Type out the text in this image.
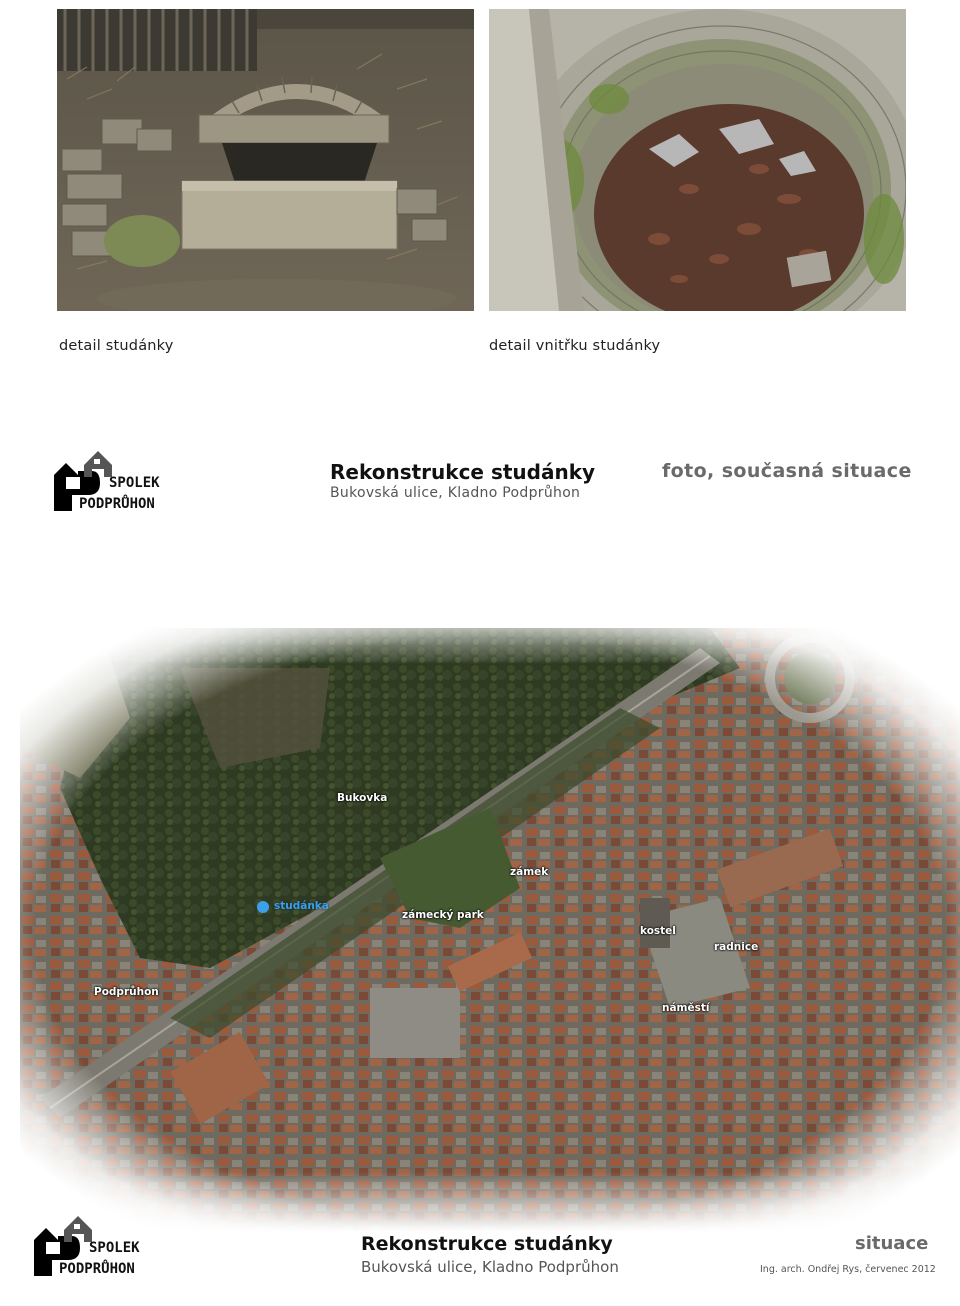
detail studánky	detail vnitřku studánky
SPOLEK
PODPRŮHON
Rekonstrukce studánky
Bukovská ulice, Kladno Podprůhon
foto, současná situace
Bukovka
studánka
zámek
zámecký park
kostel
radnice
Podprůhon
náměstí
SPOLEK
PODPRŮHON
Rekonstrukce studánky
Bukovská ulice, Kladno Podprůhon
situace
Ing. arch. Ondřej Rys, červenec 2012
